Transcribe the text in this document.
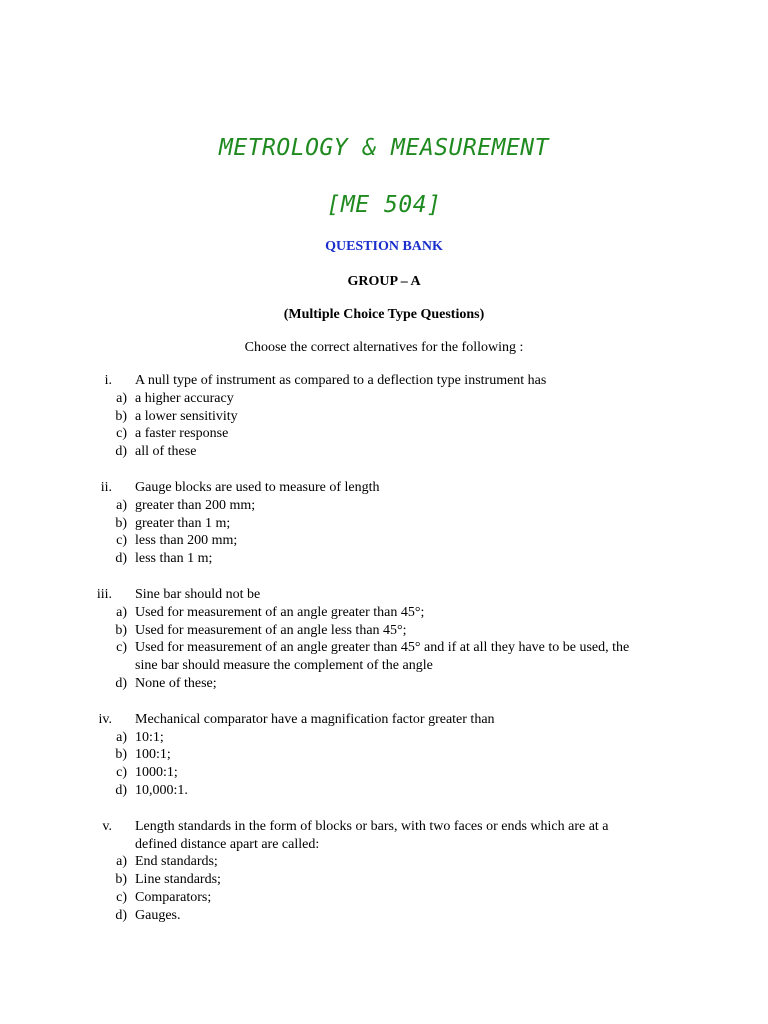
METROLOGY & MEASUREMENT
[ME 504]
QUESTION BANK
GROUP – A
(Multiple Choice Type Questions)
Choose the correct alternatives for the following :
i. A null type of instrument as compared to a deflection type instrument has
a) a higher accuracy
b) a lower sensitivity
c) a faster response
d) all of these
ii. Gauge blocks are used to measure of length
a) greater than 200 mm;
b) greater than 1 m;
c) less than 200 mm;
d) less than 1 m;
iii. Sine bar should not be
a) Used for measurement of an angle greater than 45°;
b) Used for measurement of an angle less than 45°;
c) Used for measurement of an angle greater than 45° and if at all they have to be used, the
sine bar should measure the complement of the angle
d) None of these;
iv. Mechanical comparator have a magnification factor greater than
a) 10:1;
b) 100:1;
c) 1000:1;
d) 10,000:1.
v. Length standards in the form of blocks or bars, with two faces or ends which are at a
defined distance apart are called:
a) End standards;
b) Line standards;
c) Comparators;
d) Gauges.
